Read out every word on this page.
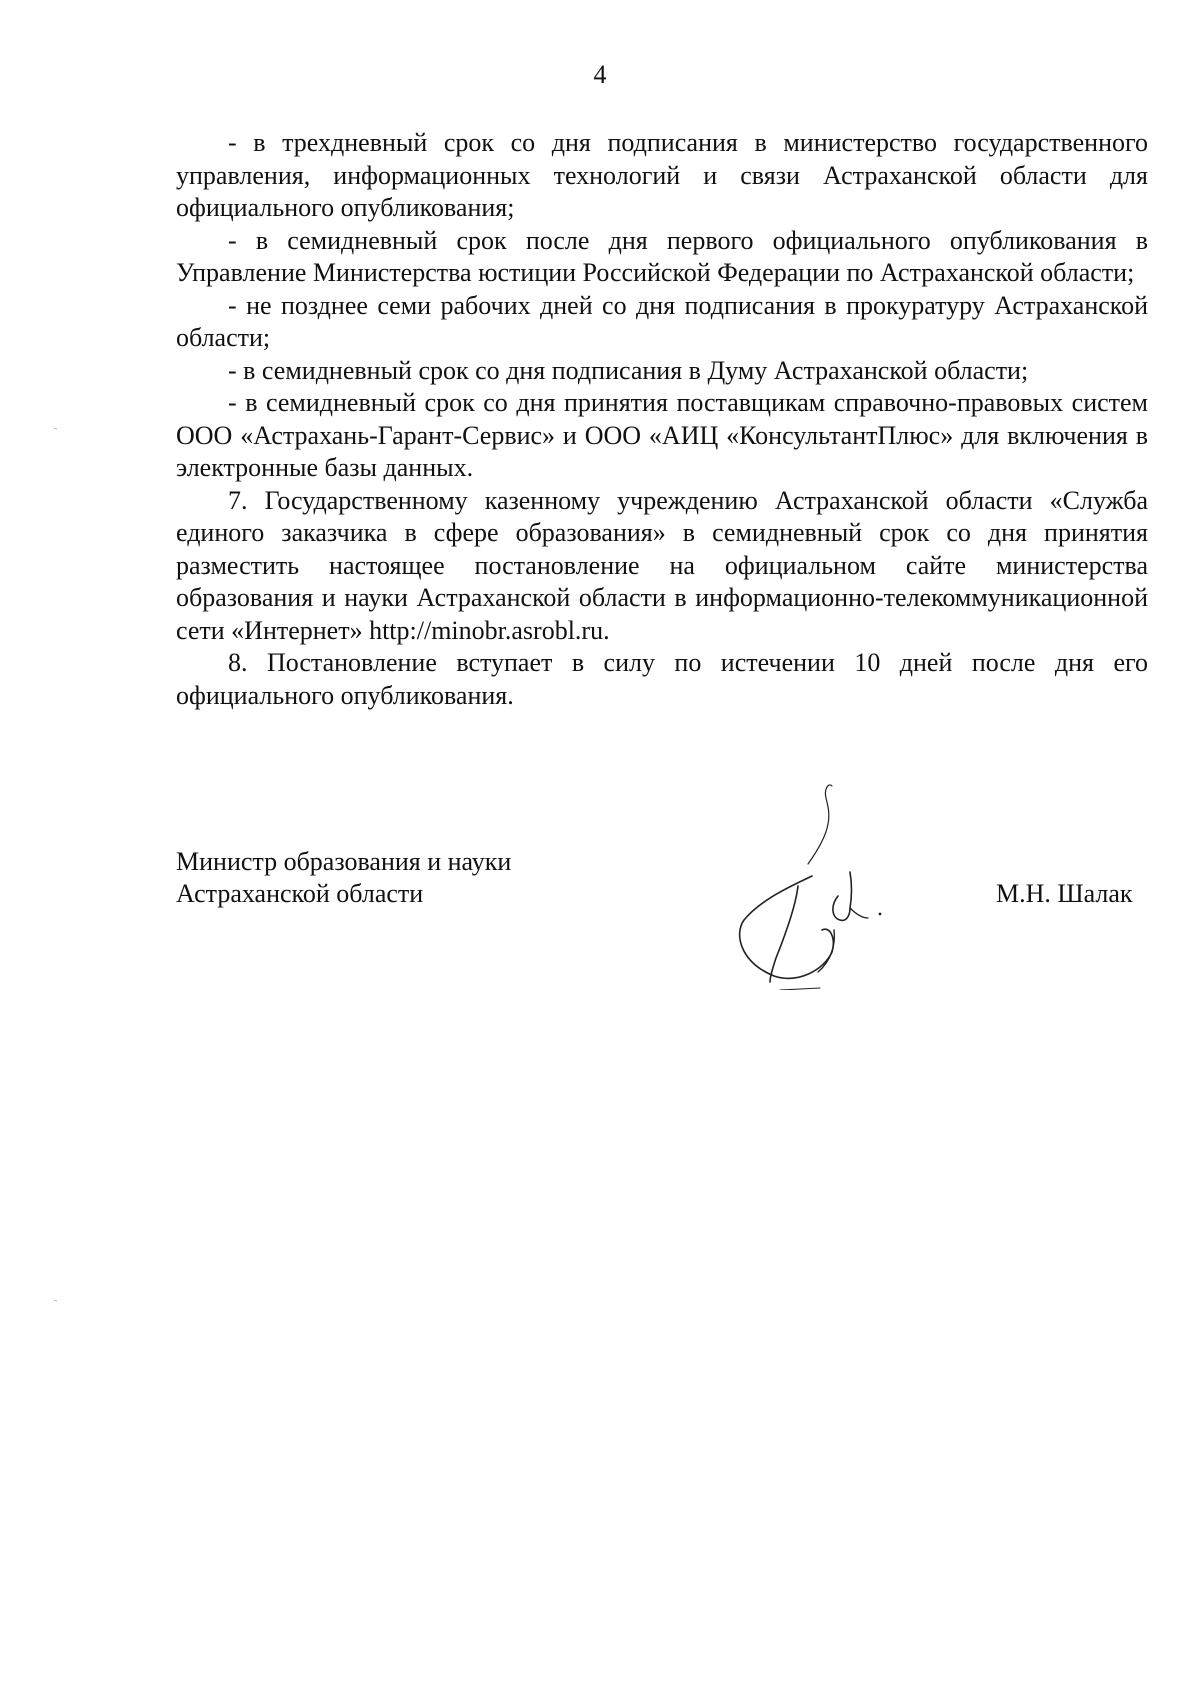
4

- в трехдневный срок со дня подписания в министерство государственного управления, информационных технологий и связи Астраханской области для официального опубликования;

- в семидневный срок после дня первого официального опубликования в Управление Министерства юстиции Российской Федерации по Астраханской области;

- не позднее семи рабочих дней со дня подписания в прокуратуру Астраханской области;

- в семидневный срок со дня подписания в Думу Астраханской области;

- в семидневный срок со дня принятия поставщикам справочно-правовых систем ООО «Астрахань-Гарант-Сервис» и ООО «АИЦ «КонсультантПлюс» для включения в электронные базы данных.

7. Государственному казенному учреждению Астраханской области «Служба единого заказчика в сфере образования» в семидневный срок со дня принятия разместить настоящее постановление на официальном сайте министерства образования и науки Астраханской области в информационно-телекоммуникационной сети «Интернет» http://minobr.asrobl.ru.

8. Постановление вступает в силу по истечении 10 дней после дня его официального опубликования.

Министр образования и науки
Астраханской области	М.Н. Шалак
